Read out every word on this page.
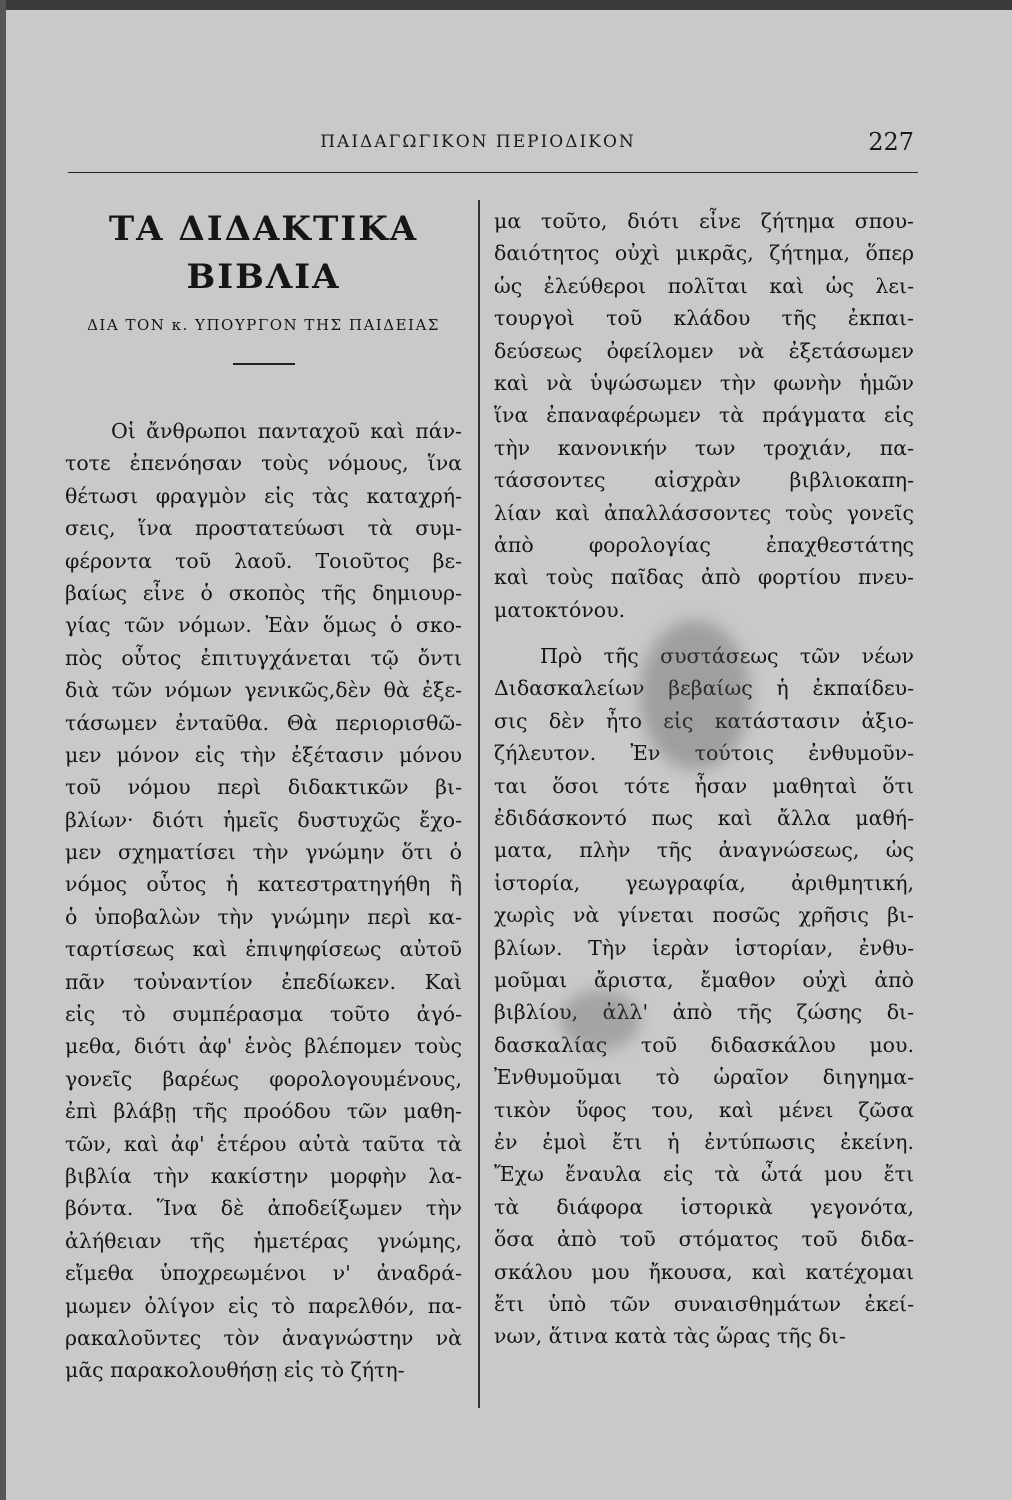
ΠΑΙΔΑΓΩΓΙΚΟΝ ΠΕΡΙΟΔΙΚΟΝ	227
ΤΑ ΔΙΔΑΚΤΙΚΑ ΒΙΒΛΙΑ
ΔΙΑ ΤΟΝ κ. ΥΠΟΥΡΓΟΝ ΤΗΣ ΠΑΙΔΕΙΑΣ
Οἱ ἄνθρωποι πανταχοῦ καὶ πάν-
τοτε ἐπενόησαν τοὺς νόμους, ἵνα
θέτωσι φραγμὸν εἰς τὰς καταχρή-
σεις, ἵνα προστατεύωσι τὰ συμ-
φέροντα τοῦ λαοῦ. Τοιοῦτος βε-
βαίως εἶνε ὁ σκοπὸς τῆς δημιουρ-
γίας τῶν νόμων. Ἐὰν ὅμως ὁ σκο-
πὸς οὗτος ἐπιτυγχάνεται τῷ ὄντι
διὰ τῶν νόμων γενικῶς,δὲν θὰ ἐξε-
τάσωμεν ἐνταῦθα. Θὰ περιορισθῶ-
μεν μόνον εἰς τὴν ἐξέτασιν μόνου
τοῦ νόμου περὶ διδακτικῶν βι-
βλίων· διότι ἡμεῖς δυστυχῶς ἔχο-
μεν σχηματίσει τὴν γνώμην ὅτι ὁ
νόμος οὗτος ἡ κατεστρατηγήθη ἢ
ὁ ὑποβαλὼν τὴν γνώμην περὶ κα-
ταρτίσεως καὶ ἐπιψηφίσεως αὐτοῦ
πᾶν τοὐναντίον ἐπεδίωκεν. Καὶ
εἰς τὸ συμπέρασμα τοῦτο ἀγό-
μεθα, διότι ἀφ' ἑνὸς βλέπομεν τοὺς
γονεῖς βαρέως φορολογουμένους,
ἐπὶ βλάβῃ τῆς προόδου τῶν μαθη-
τῶν, καὶ ἀφ' ἑτέρου αὐτὰ ταῦτα τὰ
βιβλία τὴν κακίστην μορφὴν λα-
βόντα. Ἵνα δὲ ἀποδείξωμεν τὴν
ἀλήθειαν τῆς ἡμετέρας γνώμης,
εἴμεθα ὑποχρεωμένοι ν' ἀναδρά-
μωμεν ὀλίγον εἰς τὸ παρελθόν, πα-
ρακαλοῦντες τὸν ἀναγνώστην νὰ
μᾶς παρακολουθήσῃ εἰς τὸ ζήτη-
μα τοῦτο, διότι εἶνε ζήτημα σπου-
δαιότητος οὐχὶ μικρᾶς, ζήτημα, ὅπερ
ὡς ἐλεύθεροι πολῖται καὶ ὡς λει-
τουργοὶ τοῦ κλάδου τῆς ἐκπαι-
δεύσεως ὀφείλομεν νὰ ἐξετάσωμεν
καὶ νὰ ὑψώσωμεν τὴν φωνὴν ἡμῶν
ἵνα ἐπαναφέρωμεν τὰ πράγματα εἰς
τὴν κανονικήν των τροχιάν, πα-
τάσσοντες αἰσχρὰν βιβλιοκαπη-
λίαν καὶ ἀπαλλάσσοντες τοὺς γονεῖς
ἀπὸ φορολογίας ἐπαχθεστάτης
καὶ τοὺς παῖδας ἀπὸ φορτίου πνευ-
ματοκτόνου.
Πρὸ τῆς συστάσεως τῶν νέων
Διδασκαλείων βεβαίως ἡ ἐκπαίδευ-
σις δὲν ἦτο εἰς κατάστασιν ἀξιο-
ζήλευτον. Ἐν τούτοις ἐνθυμοῦν-
ται ὅσοι τότε ἦσαν μαθηταὶ ὅτι
ἐδιδάσκοντό πως καὶ ἄλλα μαθή-
ματα, πλὴν τῆς ἀναγνώσεως, ὡς
ἱστορία, γεωγραφία, ἀριθμητική,
χωρὶς νὰ γίνεται ποσῶς χρῆσις βι-
βλίων. Τὴν ἱερὰν ἱστορίαν, ἐνθυ-
μοῦμαι ἄριστα, ἔμαθον οὐχὶ ἀπὸ
βιβλίου, ἀλλ' ἀπὸ τῆς ζώσης δι-
δασκαλίας τοῦ διδασκάλου μου.
Ἐνθυμοῦμαι τὸ ὡραῖον διηγημα-
τικὸν ὕφος του, καὶ μένει ζῶσα
ἐν ἐμοὶ ἔτι ἡ ἐντύπωσις ἐκείνη.
Ἔχω ἔναυλα εἰς τὰ ὦτά μου ἔτι
τὰ διάφορα ἱστορικὰ γεγονότα,
ὅσα ἀπὸ τοῦ στόματος τοῦ διδα-
σκάλου μου ἤκουσα, καὶ κατέχομαι
ἔτι ὑπὸ τῶν συναισθημάτων ἐκεί-
νων, ἅτινα κατὰ τὰς ὥρας τῆς δι-
